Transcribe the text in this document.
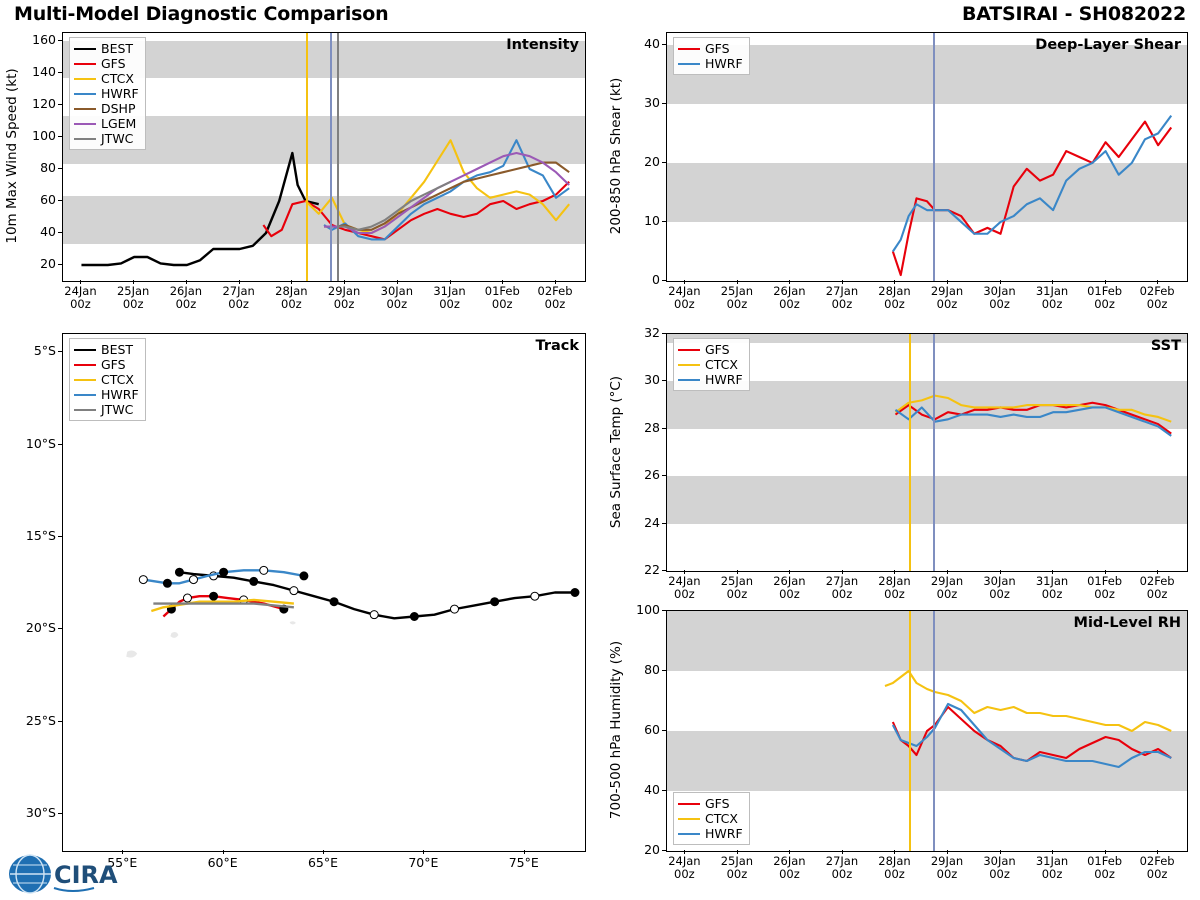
Multi-Model Diagnostic Comparison	BATSIRAI - SH082022
Intensity
BEST
GFS
CTCX
HWRF
DSHP
LGEM
JTWC
20
40
60
80
100
120
140
160
10m Max Wind Speed (kt)
24Jan
00z
25Jan
00z
26Jan
00z
27Jan
00z
28Jan
00z
29Jan
00z
30Jan
00z
31Jan
00z
01Feb
00z
02Feb
00z
Deep-Layer Shear
GFS
HWRF
0
10
20
30
40
200-850 hPa Shear (kt)
24Jan
00z
25Jan
00z
26Jan
00z
27Jan
00z
28Jan
00z
29Jan
00z
30Jan
00z
31Jan
00z
01Feb
00z
02Feb
00z
SST
GFS
CTCX
HWRF
22
24
26
28
30
32
Sea Surface Temp (°C)
24Jan
00z
25Jan
00z
26Jan
00z
27Jan
00z
28Jan
00z
29Jan
00z
30Jan
00z
31Jan
00z
01Feb
00z
02Feb
00z
Mid-Level RH
GFS
CTCX
HWRF
20
40
60
80
100
700-500 hPa Humidity (%)
24Jan
00z
25Jan
00z
26Jan
00z
27Jan
00z
28Jan
00z
29Jan
00z
30Jan
00z
31Jan
00z
01Feb
00z
02Feb
00z
Track
BEST
GFS
CTCX
HWRF
JTWC
5°S
10°S
15°S
20°S
25°S
30°S
55°E	60°E	65°E	70°E	75°E
CIRA
